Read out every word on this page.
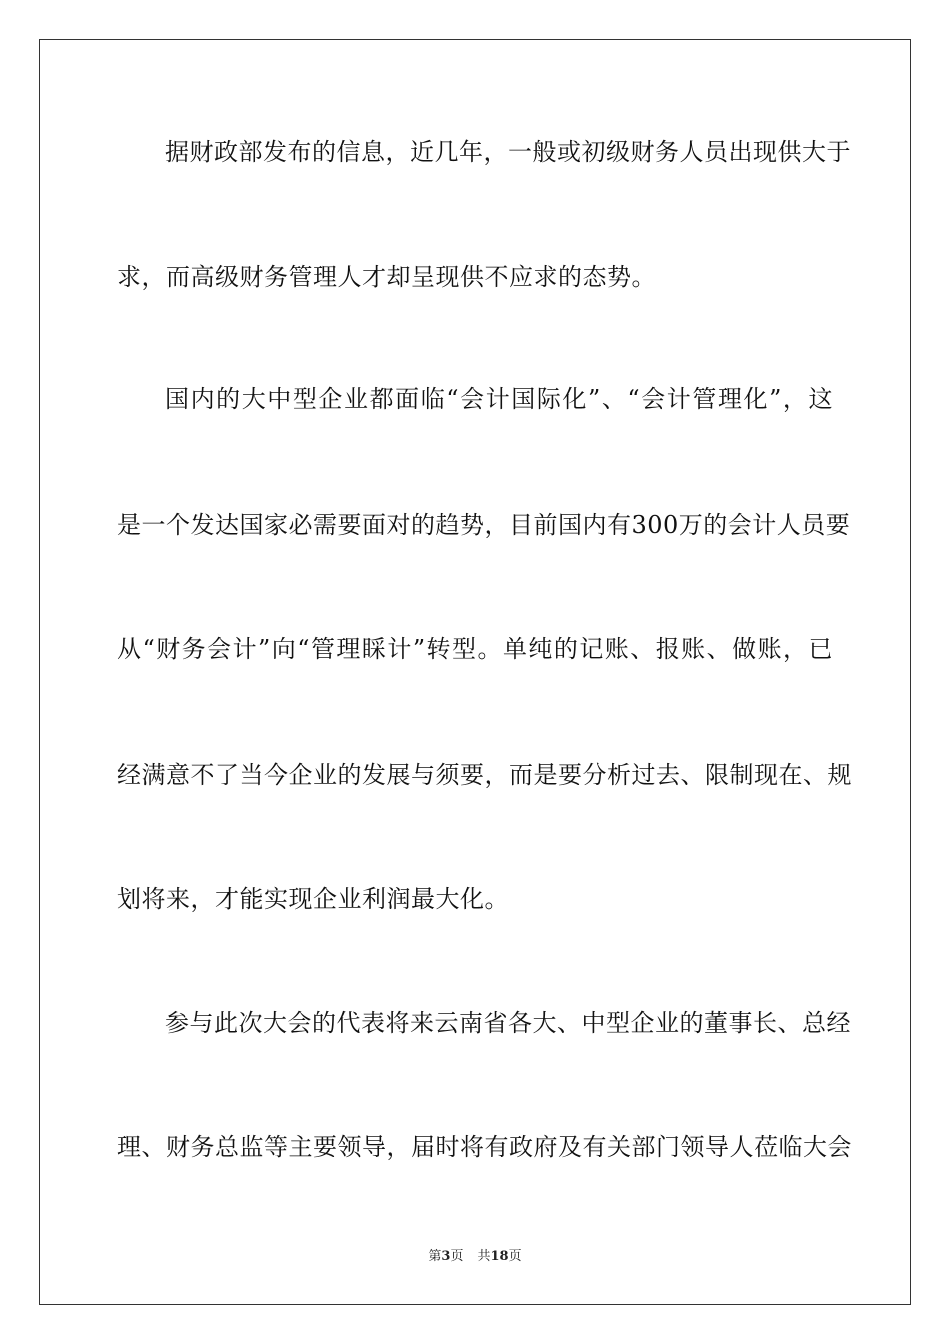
据财政部发布的信息，近几年，一般或初级财务人员出现供大于
求，而高级财务管理人才却呈现供不应求的态势。
国内的大中型企业都面临“会计国际化”、“会计管理化”，这
是一个发达国家必需要面对的趋势，目前国内有300万的会计人员要
从“财务会计”向“管理睬计”转型。单纯的记账、报账、做账，已
经满意不了当今企业的发展与须要，而是要分析过去、限制现在、规
划将来，才能实现企业利润最大化。
参与此次大会的代表将来云南省各大、中型企业的董事长、总经
理、财务总监等主要领导，届时将有政府及有关部门领导人莅临大会
第3页 共18页
